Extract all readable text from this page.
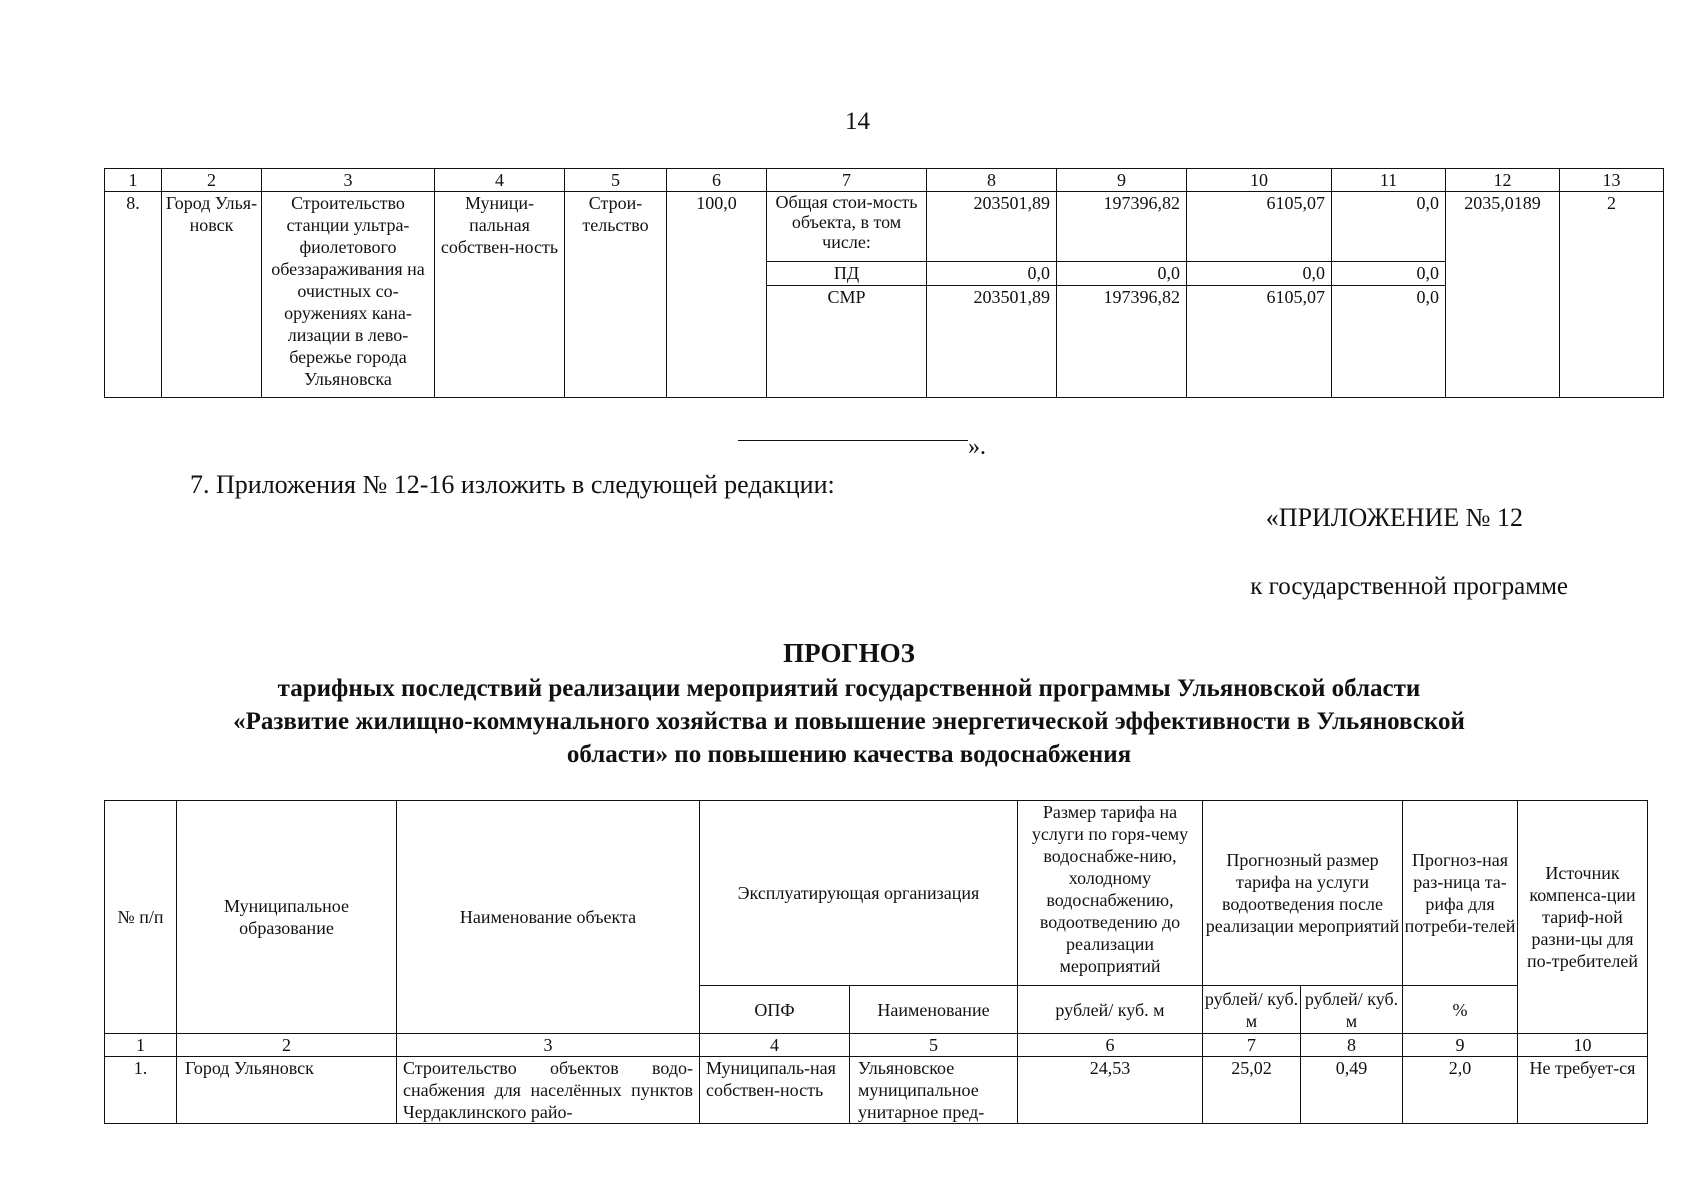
14
1	2	3	4	5	6	7	8	9	10	11	12	13
8.	Город Улья-новск	Строительство станции ультра-фиолетового обеззараживания на очистных со-оружениях кана-лизации в лево-бережье города Ульяновска	Муници-пальная собствен-ность	Строи-тельство	100,0	Общая стои-мость объекта, в том числе:	203501,89	197396,82	6105,07	0,0	2035,0189	2
						ПД	0,0	0,0	0,0	0,0		
						СМР	203501,89	197396,82	6105,07	0,0		
».
7. Приложения № 12-16 изложить в следующей редакции:
«ПРИЛОЖЕНИЕ № 12
к государственной программе
ПРОГНОЗ
тарифных последствий реализации мероприятий государственной программы Ульяновской области
«Развитие жилищно-коммунального хозяйства и повышение энергетической эффективности в Ульяновской
области» по повышению качества водоснабжения
№ п/п	Муниципальное образование	Наименование объекта	Эксплуатирующая организация		Размер тарифа на услуги по горя-чему водоснабже-нию, холодному водоснабжению, водоотведению до реализации мероприятий	Прогнозный размер тарифа на услуги водоотведения после реализации мероприятий		Прогноз-ная раз-ница та-рифа для потреби-телей	Источник компенса-ции тариф-ной разни-цы для по-требителей
			ОПФ	Наименование	рублей/ куб. м	рублей/ куб. м	рублей/ куб. м	%	
1	2	3	4	5	6	7	8	9	10
1.	Город Ульяновск	Строительство объектов водо-снабжения для населённых пунктов Чердаклинского райо-	Муниципаль-ная собствен-ность	Ульяновское муниципальное унитарное пред-	24,53	25,02	0,49	2,0	Не требует-ся
